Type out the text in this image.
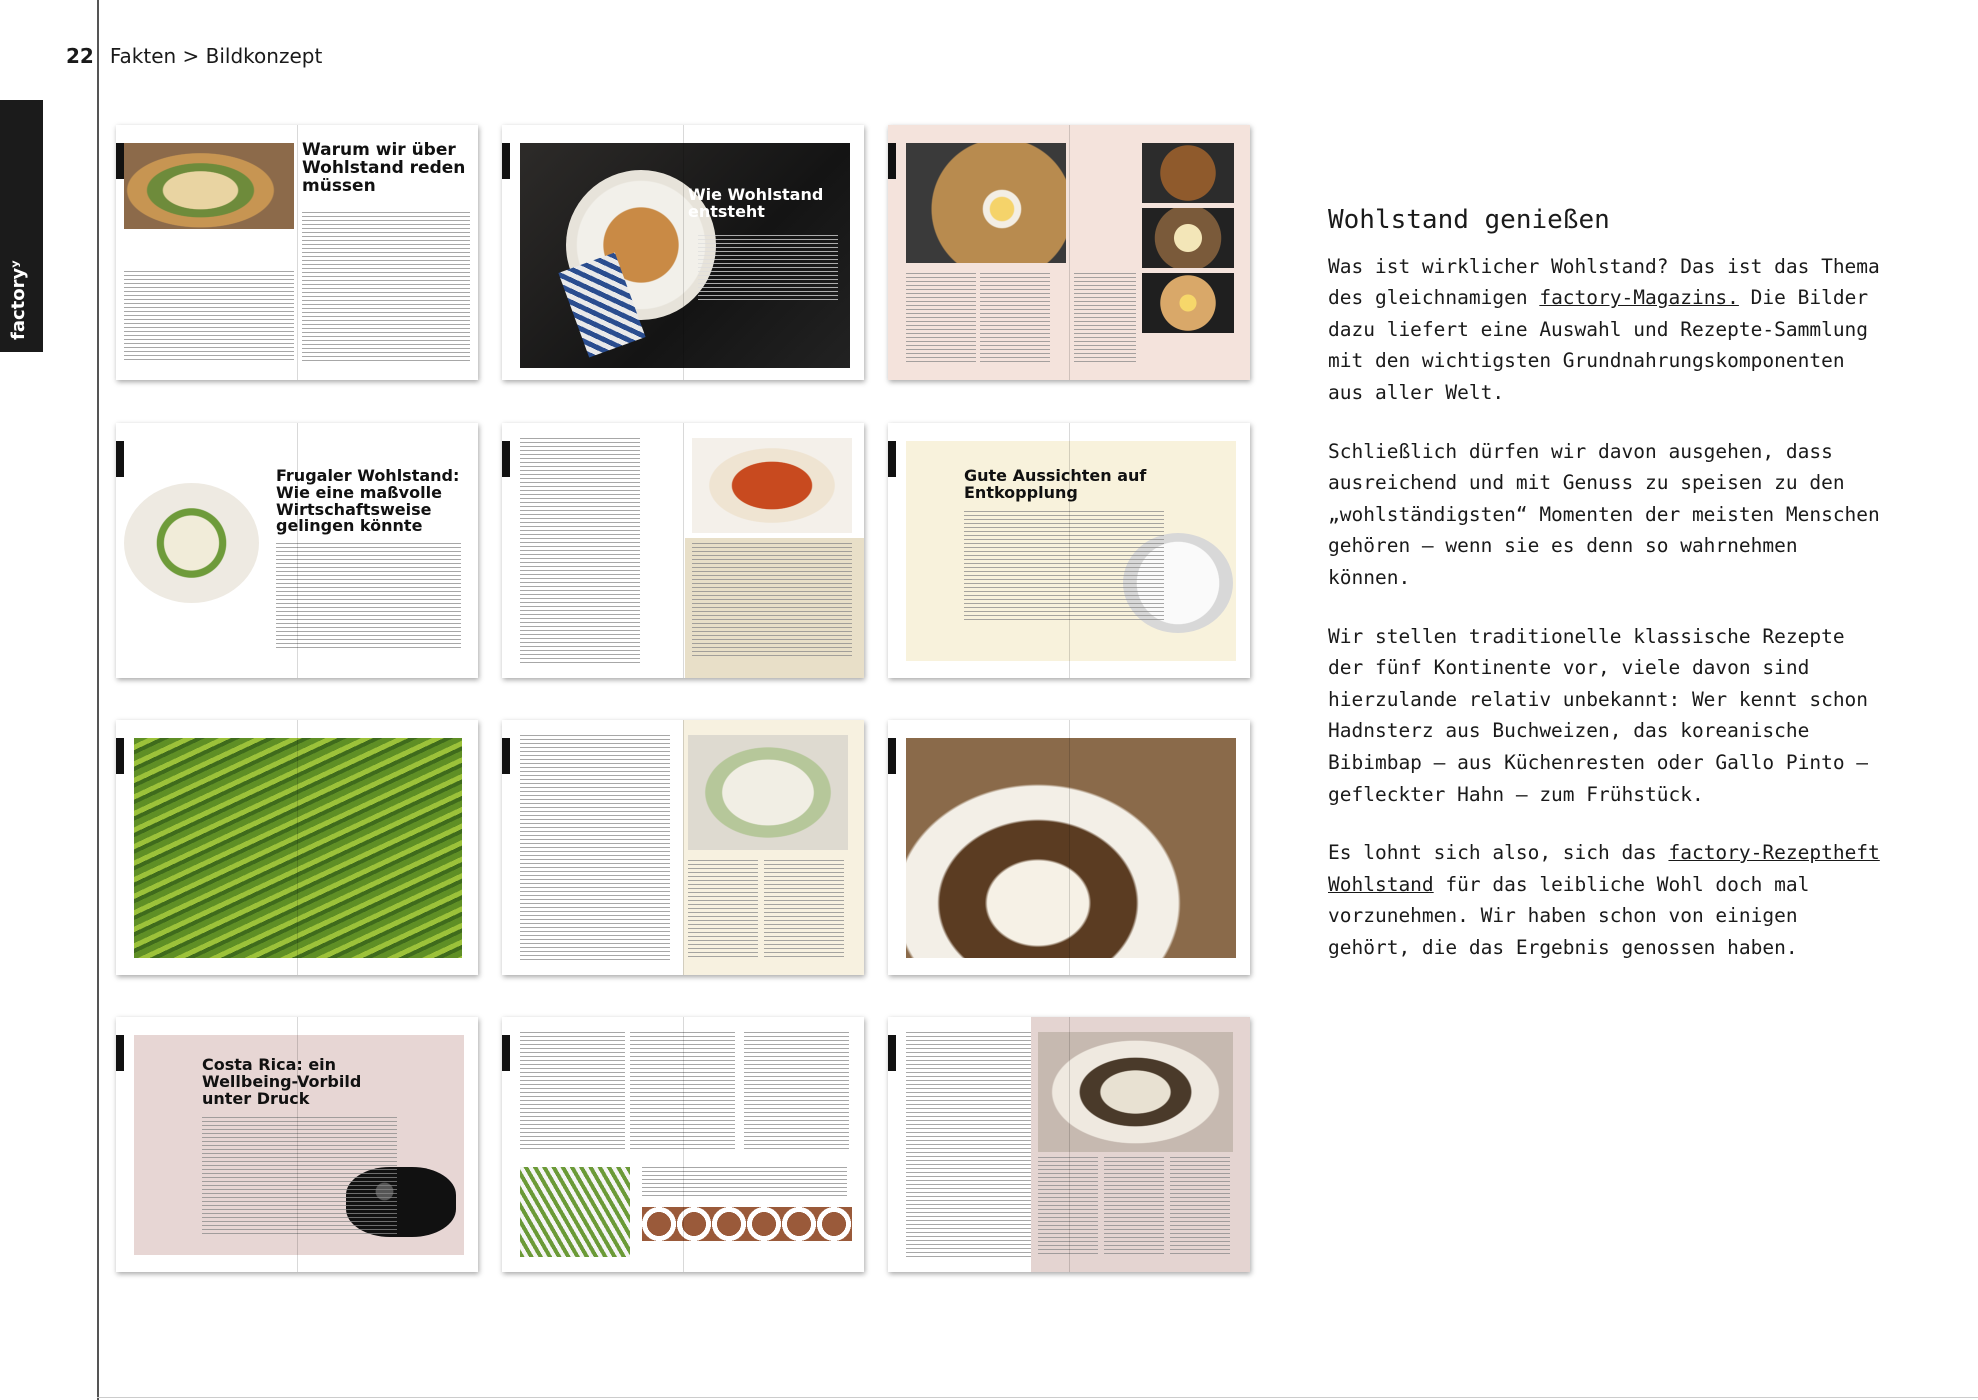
22 Fakten > Bildkonzept
factoryʸ
Warum wir über Wohlstand reden müssen	Wie Wohlstand entsteht
Frugaler Wohlstand: Wie eine maßvolle Wirtschaftsweise gelingen könnte
Gute Aussichten auf Entkopplung
Costa Rica: ein Wellbeing-Vorbild unter Druck
Wohlstand genießen

Was ist wirklicher Wohlstand? Das ist das Thema des gleichnamigen factory-Magazins. Die Bilder dazu liefert eine Auswahl und Rezepte-Sammlung mit den wichtigsten Grundnahrungskomponenten aus aller Welt.

Schließlich dürfen wir davon ausgehen, dass ausreichend und mit Genuss zu speisen zu den „wohlständigsten“ Momenten der meisten Menschen gehören – wenn sie es denn so wahrnehmen können.

Wir stellen traditionelle klassische Rezepte der fünf Kontinente vor, viele davon sind hierzulande relativ unbekannt: Wer kennt schon Hadnsterz aus Buchweizen, das koreanische Bibimbap – aus Küchenresten oder Gallo Pinto – gefleckter Hahn – zum Frühstück.

Es lohnt sich also, sich das factory-Rezeptheft Wohlstand für das leibliche Wohl doch mal vorzunehmen. Wir haben schon von einigen gehört, die das Ergebnis genossen haben.
